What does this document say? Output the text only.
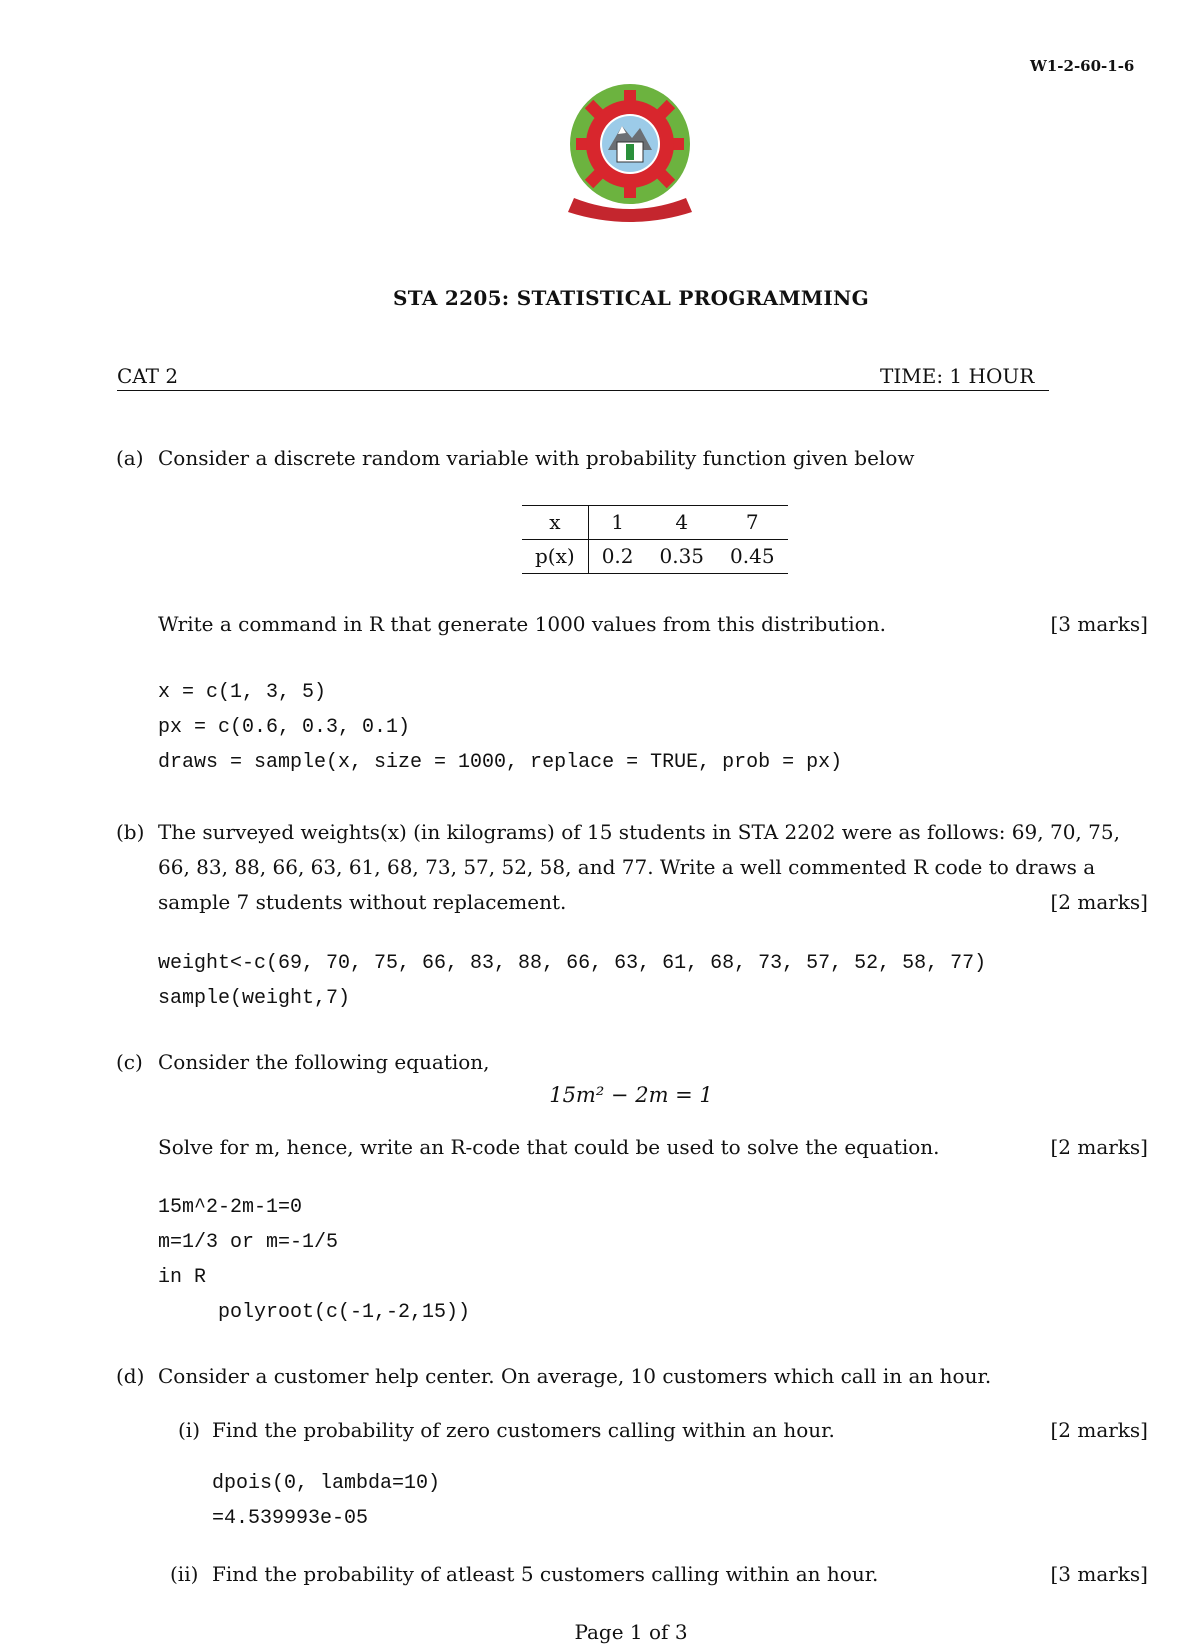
W1-2-60-1-6
STA 2205: STATISTICAL PROGRAMMING
CAT 2	TIME: 1 HOUR
(a) Consider a discrete random variable with probability function given below
x	1	4	7
p(x)	0.2	0.35	0.45
Write a command in R that generate 1000 values from this distribution.	[3 marks]
x = c(1, 3, 5)
px = c(0.6, 0.3, 0.1)
draws = sample(x, size = 1000, replace = TRUE, prob = px)
(b) The surveyed weights(x) (in kilograms) of 15 students in STA 2202 were as follows: 69, 70, 75,
66, 83, 88, 66, 63, 61, 68, 73, 57, 52, 58, and 77. Write a well commented R code to draws a
sample 7 students without replacement.	[2 marks]
weight<-c(69, 70, 75, 66, 83, 88, 66, 63, 61, 68, 73, 57, 52, 58, 77)
sample(weight,7)
(c) Consider the following equation,
15m² − 2m = 1
Solve for m, hence, write an R-code that could be used to solve the equation.	[2 marks]
15m^2-2m-1=0
m=1/3 or m=-1/5
in R
polyroot(c(-1,-2,15))
(d) Consider a customer help center. On average, 10 customers which call in an hour.
(i) Find the probability of zero customers calling within an hour.	[2 marks]
dpois(0, lambda=10)
=4.539993e-05
(ii) Find the probability of atleast 5 customers calling within an hour.	[3 marks]
Page 1 of 3
